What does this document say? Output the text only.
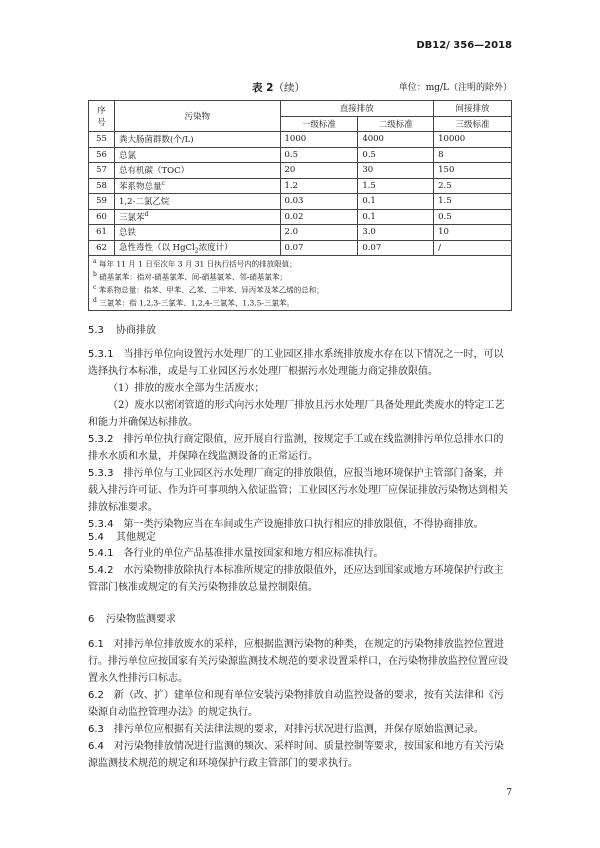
DB12/ 356—2018
表 2（续）	单位：mg/L（注明的除外）
序号	污染物	直接排放		间接排放
		一级标准	二级标准	三级标准
55	粪大肠菌群数(个/L)	1000	4000	10000
56	总氯	0.5	0.5	8
57	总有机碳（TOC）	20	30	150
58	苯系物总量$^c$	1.2	1.5	2.5
59	1,2-二氯乙烷	0.03	0.1	1.5
60	三氯苯$^d$	0.02	0.1	0.5
61	总铁	2.0	3.0	10
62	急性毒性（以 HgCl$_2$浓度计）	0.07	0.07	/

$^a$ 每年 11 月 1 日至次年 3 月 31 日执行括号内的排放限值；
$^b$ 硝基氯苯：指对-硝基氯苯、间-硝基氯苯、邻-硝基氯苯；
$^c$ 苯系物总量：指苯、甲苯、乙苯、二甲苯、异丙苯及苯乙烯的总和；
$^d$ 三氯苯：指 1,2,3-三氯苯、1,2,4-三氯苯、1,3,5-三氯苯。				
5.3 协商排放

5.3.1　 当排污单位向设置污水处理厂的工业园区排水系统排放废水存在以下情况之一时，可以选择执行本标准，或是与工业园区污水处理厂根据污水处理能力商定排放限值。

（1）排放的废水全部为生活废水；

（2）废水以密闭管道的形式向污水处理厂排放且污水处理厂具备处理此类废水的特定工艺和能力并确保达标排放。

5.3.2　 排污单位执行商定限值，应开展自行监测，按规定手工或在线监测排污单位总排水口的排水水质和水量，并保障在线监测设备的正常运行。

5.3.3　 排污单位与工业园区污水处理厂商定的排放限值，应报当地环境保护主管部门备案，并载入排污许可证、作为许可事项纳入依证监管；工业园区污水处理厂应保证排放污染物达到相关排放标准要求。

5.3.4　 第一类污染物应当在车间或生产设施排放口执行相应的排放限值，不得协商排放。

5.4 其他规定

5.4.1　 各行业的单位产品基准排水量按国家和地方相应标准执行。

5.4.2　 水污染物排放除执行本标准所规定的排放限值外，还应达到国家或地方环境保护行政主管部门核准或规定的有关污染物排放总量控制限值。

6 污染物监测要求

6.1　 对排污单位排放废水的采样，应根据监测污染物的种类，在规定的污染物排放监控位置进行。排污单位应按国家有关污染源监测技术规范的要求设置采样口，在污染物排放监控位置应设置永久性排污口标志。

6.2　 新（改、扩）建单位和现有单位安装污染物排放自动监控设备的要求，按有关法律和《污染源自动监控管理办法》的规定执行。

6.3　 排污单位应根据有关法律法规的要求，对排污状况进行监测，并保存原始监测记录。

6.4　 对污染物排放情况进行监测的频次、采样时间、质量控制等要求，按国家和地方有关污染源监测技术规范的规定和环境保护行政主管部门的要求执行。

7
